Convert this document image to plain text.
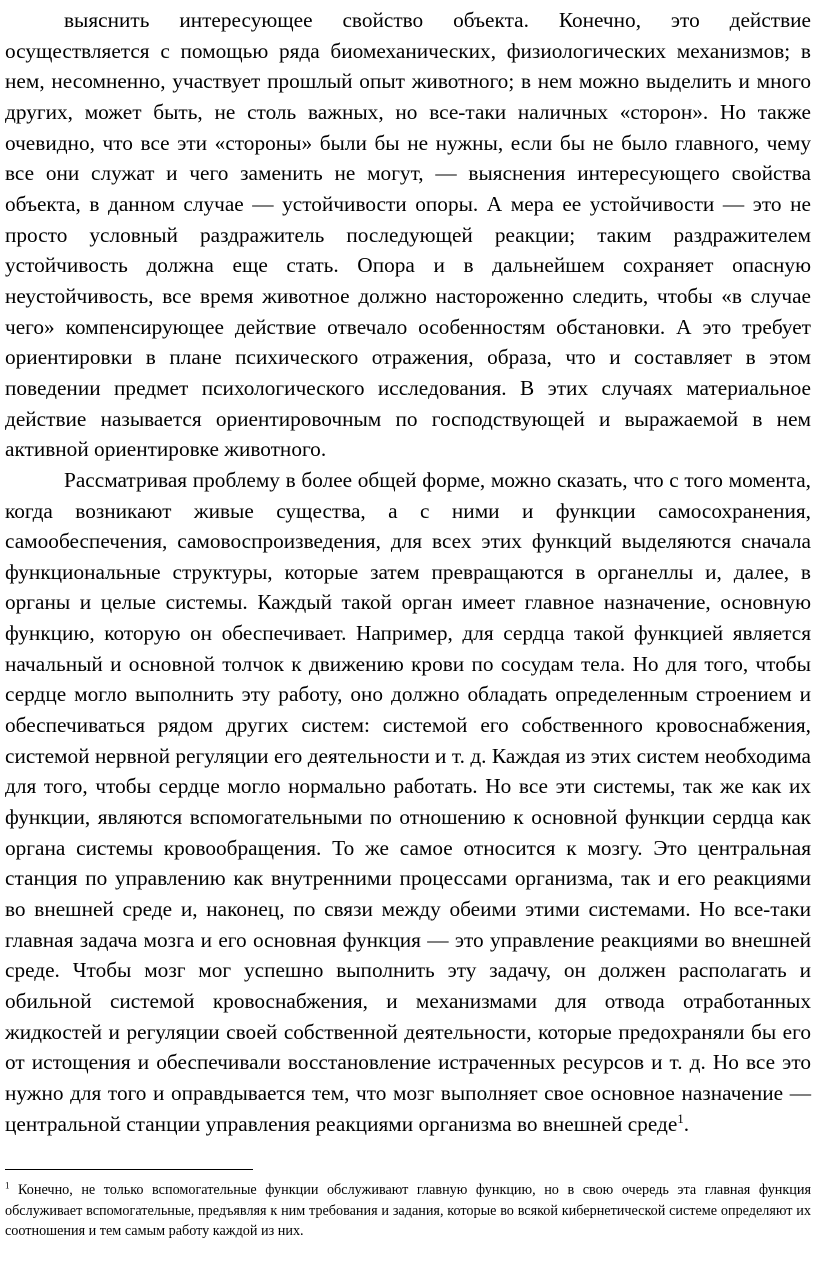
выяснить интересующее свойство объекта. Конечно, это действие осуществляется с помощью ряда биомеханических, физиологических механизмов; в нем, несомненно, участвует прошлый опыт животного; в нем можно выделить и много других, может быть, не столь важных, но все-таки наличных «сторон». Но также очевидно, что все эти «стороны» были бы не нужны, если бы не было главного, чему все они служат и чего заменить не могут, — выяснения интересующего свойства объекта, в данном случае — устойчивости опоры. А мера ее устойчивости — это не просто условный раздражитель последующей реакции; таким раздражителем устойчивость должна еще стать. Опора и в дальнейшем сохраняет опасную неустойчивость, все время животное должно настороженно следить, чтобы «в случае чего» компенсирующее действие отвечало особенностям обстановки. А это требует ориентировки в плане психического отражения, образа, что и составляет в этом поведении предмет психологического исследования. В этих случаях материальное действие называется ориентировочным по господствующей и выражаемой в нем активной ориентировке животного.

Рассматривая проблему в более общей форме, можно сказать, что с того момента, когда возникают живые существа, а с ними и функции самосохранения, самообеспечения, самовоспроизведения, для всех этих функций выделяются сначала функциональные структуры, которые затем превращаются в органеллы и, далее, в органы и целые системы. Каждый такой орган имеет главное назначение, основную функцию, которую он обеспечивает. Например, для сердца такой функцией является начальный и основной толчок к движению крови по сосудам тела. Но для того, чтобы сердце могло выполнить эту работу, оно должно обладать определенным строением и обеспечиваться рядом других систем: системой его собственного кровоснабжения, системой нервной регуляции его деятельности и т. д. Каждая из этих систем необходима для того, чтобы сердце могло нормально работать. Но все эти системы, так же как их функции, являются вспомогательными по отношению к основной функции сердца как органа системы кровообращения. То же самое относится к мозгу. Это центральная станция по управлению как внутренними процессами организма, так и его реакциями во внешней среде и, наконец, по связи между обеими этими системами. Но все-таки главная задача мозга и его основная функция — это управление реакциями во внешней среде. Чтобы мозг мог успешно выполнить эту задачу, он должен располагать и обильной системой кровоснабжения, и механизмами для отвода отработанных жидкостей и регуляции своей собственной деятельности, которые предохраняли бы его от истощения и обеспечивали восстановление истраченных ресурсов и т. д. Но все это нужно для того и оправдывается тем, что мозг выполняет свое основное назначение — центральной станции управления реакциями организма во внешней среде$^1$.

$^1$ Конечно, не только вспомогательные функции обслуживают главную функцию, но в свою очередь эта главная функция обслуживает вспомогательные, предъявляя к ним требования и задания, которые во всякой кибернетической системе определяют их соотношения и тем самым работу каждой из них.
